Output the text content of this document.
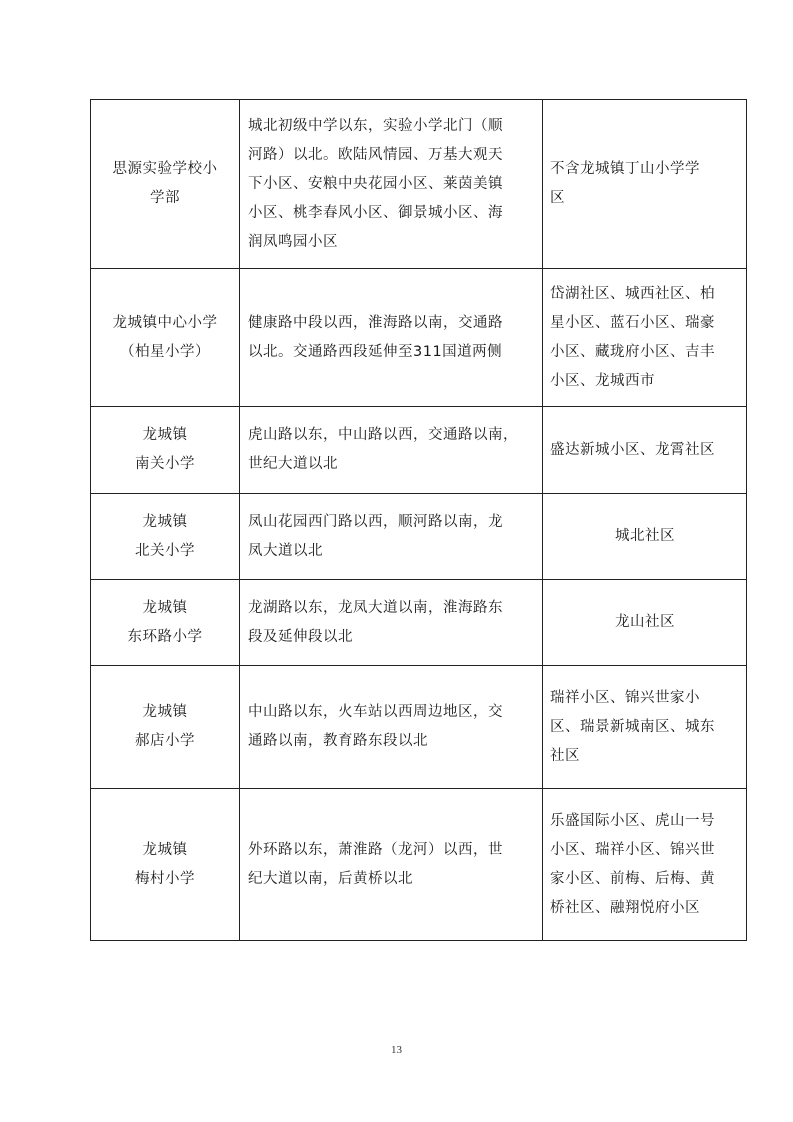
思源实验学校小
学部	城北初级中学以东，实验小学北门（顺
河路）以北。欧陆风情园、万基大观天
下小区、安粮中央花园小区、莱茵美镇
小区、桃李春风小区、御景城小区、海
润凤鸣园小区	不含龙城镇丁山小学学
区

龙城镇中心小学
（柏星小学）	健康路中段以西，淮海路以南，交通路
以北。交通路西段延伸至311国道两侧	岱湖社区、城西社区、柏
星小区、蓝石小区、瑞豪
小区、藏珑府小区、吉丰
小区、龙城西市

龙城镇
南关小学	虎山路以东，中山路以西，交通路以南，
世纪大道以北	盛达新城小区、龙霄社区

龙城镇
北关小学	凤山花园西门路以西，顺河路以南，龙
凤大道以北	城北社区

龙城镇
东环路小学	龙湖路以东，龙凤大道以南，淮海路东
段及延伸段以北	龙山社区

龙城镇
郝店小学	中山路以东，火车站以西周边地区，交
通路以南，教育路东段以北	瑞祥小区、锦兴世家小
区、瑞景新城南区、城东
社区

龙城镇
梅村小学	外环路以东，萧淮路（龙河）以西，世
纪大道以南，后黄桥以北	乐盛国际小区、虎山一号
小区、瑞祥小区、锦兴世
家小区、前梅、后梅、黄
桥社区、融翔悦府小区
13
